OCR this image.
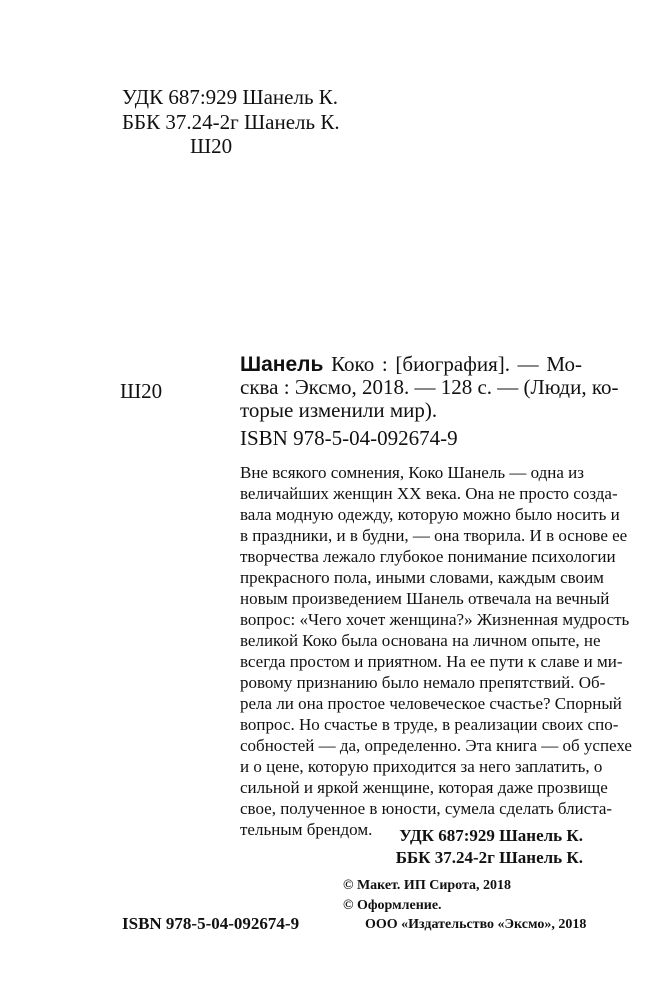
УДК 687:929 Шанель К.
ББК 37.24-2г Шанель К.
Ш20
Ш20
Шанель Коко : [биография]. — Мо-
сква : Эксмо, 2018. — 128 с. — (Люди, ко-
торые изменили мир).
ISBN 978-5-04-092674-9
Вне всякого сомнения, Коко Шанель — одна из
величайших женщин XX века. Она не просто созда-
вала модную одежду, которую можно было носить и
в праздники, и в будни, — она творила. И в основе ее
творчества лежало глубокое понимание психологии
прекрасного пола, иными словами, каждым своим
новым произведением Шанель отвечала на вечный
вопрос: «Чего хочет женщина?» Жизненная мудрость
великой Коко была основана на личном опыте, не
всегда простом и приятном. На ее пути к славе и ми-
ровому признанию было немало препятствий. Об-
рела ли она простое человеческое счастье? Спорный
вопрос. Но счастье в труде, в реализации своих спо-
собностей — да, определенно. Эта книга — об успехе
и о цене, которую приходится за него заплатить, о
сильной и яркой женщине, которая даже прозвище
свое, полученное в юности, сумела сделать блиста-
тельным брендом.	УДК 687:929 Шанель К.
ББК 37.24-2г Шанель К.
© Макет. ИП Сирота, 2018
© Оформление.
ООО «Издательство «Эксмо», 2018
ISBN 978-5-04-092674-9
